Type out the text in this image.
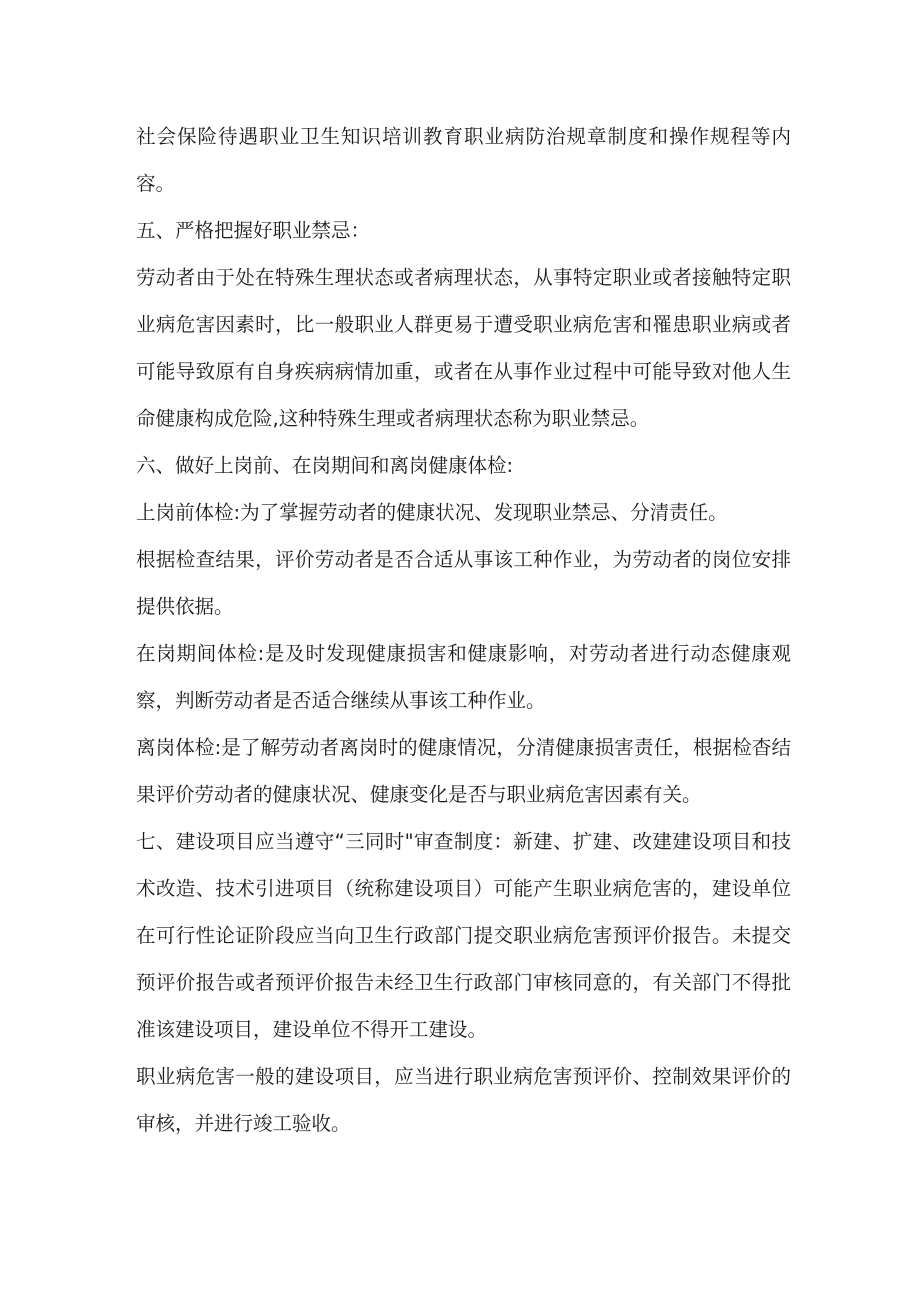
社会保险待遇职业卫生知识培训教育职业病防治规章制度和操作规程等内容。

五、严格把握好职业禁忌：

劳动者由于处在特殊生理状态或者病理状态，从事特定职业或者接触特定职业病危害因素时，比一般职业人群更易于遭受职业病危害和罹患职业病或者可能导致原有自身疾病病情加重，或者在从事作业过程中可能导致对他人生命健康构成危险,这种特殊生理或者病理状态称为职业禁忌。

六、做好上岗前、在岗期间和离岗健康体检:

上岗前体检:为了掌握劳动者的健康状况、发现职业禁忌、分清责任。

根据检查结果，评价劳动者是否合适从事该工种作业，为劳动者的岗位安排提供依据。

在岗期间体检:是及时发现健康损害和健康影响，对劳动者进行动态健康观察，判断劳动者是否适合继续从事该工种作业。

离岗体检:是了解劳动者离岗时的健康情况，分清健康损害责任，根据检杳结果评价劳动者的健康状况、健康变化是否与职业病危害因素有关。

七、建设项目应当遵守“三同时"审查制度：新建、扩建、改建建设项目和技术改造、技术引进项目（统称建设项目）可能产生职业病危害的，建设单位在可行性论证阶段应当向卫生行政部门提交职业病危害预评价报告。未提交预评价报告或者预评价报告未经卫生行政部门审核同意的，有关部门不得批准该建设项目，建设单位不得开工建设。

职业病危害一般的建设项目，应当进行职业病危害预评价、控制效果评价的审核，并进行竣工验收。
